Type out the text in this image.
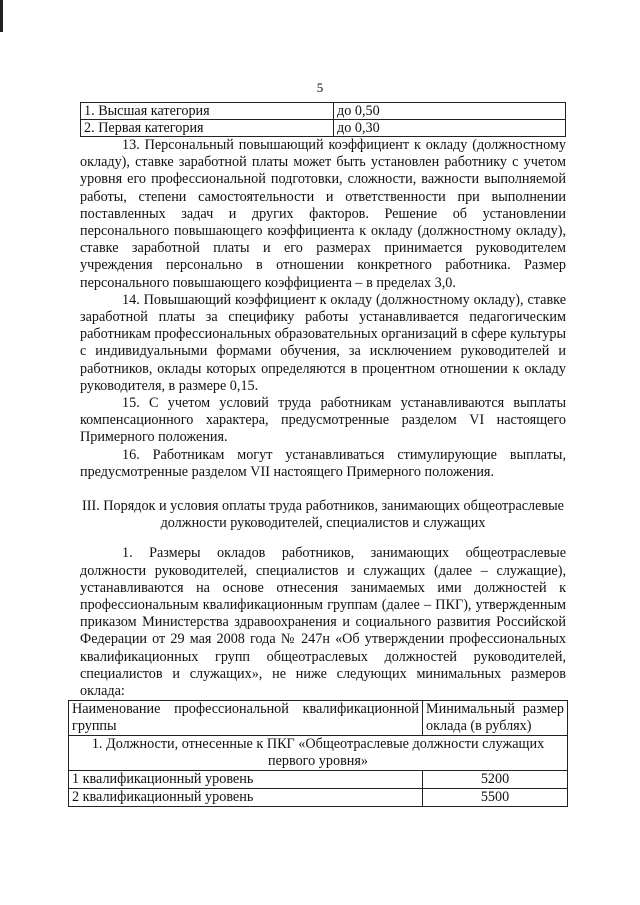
5
1. Высшая категория	до 0,50
2. Первая категория	до 0,30

13. Персональный повышающий коэффициент к окладу (должностному окладу), ставке заработной платы может быть установлен работнику с учетом уровня его профессиональной подготовки, сложности, важности выполняемой работы, степени самостоятельности и ответственности при выполнении поставленных задач и других факторов. Решение об установлении персонального повышающего коэффициента к окладу (должностному окладу), ставке заработной платы и его размерах принимается руководителем учреждения персонально в отношении конкретного работника. Размер персонального повышающего коэффициента – в пределах 3,0.

14. Повышающий коэффициент к окладу (должностному окладу), ставке заработной платы за специфику работы устанавливается педагогическим работникам профессиональных образовательных организаций в сфере культуры с индивидуальными формами обучения, за исключением руководителей и работников, оклады которых определяются в процентном отношении к окладу руководителя, в размере 0,15.

15. С учетом условий труда работникам устанавливаются выплаты компенсационного характера, предусмотренные разделом VI настоящего Примерного положения.

16. Работникам могут устанавливаться стимулирующие выплаты, предусмотренные разделом VII настоящего Примерного положения.

III. Порядок и условия оплаты труда работников, занимающих общеотраслевые должности руководителей, специалистов и служащих

1. Размеры окладов работников, занимающих общеотраслевые должности руководителей, специалистов и служащих (далее – служащие), устанавливаются на основе отнесения занимаемых ими должностей к профессиональным квалификационным группам (далее – ПКГ), утвержденным приказом Министерства здравоохранения и социального развития Российской Федерации от 29 мая 2008 года № 247н «Об утверждении профессиональных квалификационных групп общеотраслевых должностей руководителей, специалистов и служащих», не ниже следующих минимальных размеров оклада:

Наименование профессиональной квалификационной группы	Минимальный размер оклада (в рублях)
1. Должности, отнесенные к ПКГ «Общеотраслевые должности служащих первого уровня»	
1 квалификационный уровень	5200
2 квалификационный уровень	5500
